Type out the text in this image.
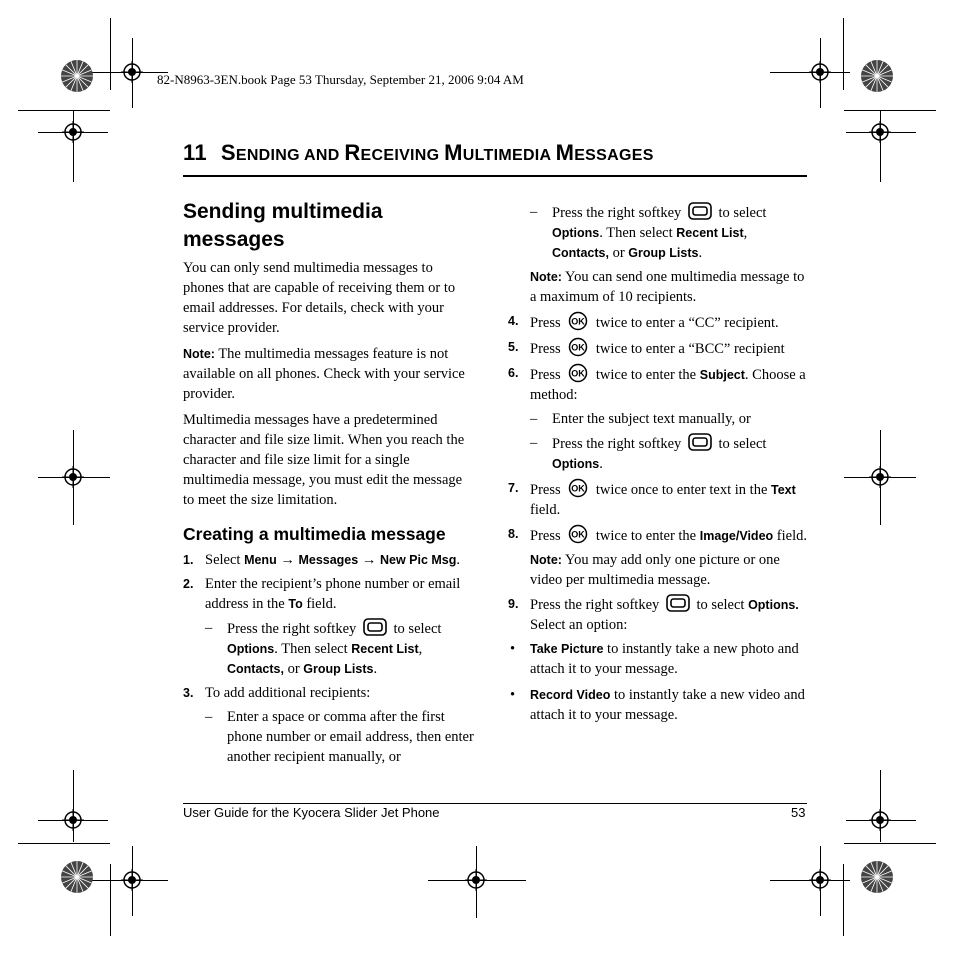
82-N8963-3EN.book Page 53 Thursday, September 21, 2006 9:04 AM
11 SENDING AND RECEIVING MULTIMEDIA MESSAGES
Sending multimedia messages

You can only send multimedia messages to phones that are capable of receiving them or to email addresses. For details, check with your service provider.

Note: The multimedia messages feature is not available on all phones. Check with your service provider.

Multimedia messages have a predetermined character and file size limit. When you reach the character and file size limit for a single multimedia message, you must edit the message to meet the size limitation.

Creating a multimedia message
1. Select Menu → Messages → New Pic Msg.
2. Enter the recipient’s phone number or email address in the To field.
– Press the right softkey	to select Options. Then select Recent List,
Contacts, or Group Lists.
3. To add additional recipients:
– Enter a space or comma after the first phone number or email address, then enter another recipient manually, or
– Press the right softkey	to select Options. Then select Recent List,
Contacts, or Group Lists.

Note: You can send one multimedia message to a maximum of 10 recipients.

4. Press OK twice to enter a “CC” recipient.
5. Press OK twice to enter a “BCC” recipient
6. Press OK twice to enter the Subject. Choose a method:
– Enter the subject text manually, or
– Press the right softkey	to select Options.
7. Press OK twice once to enter text in the Text field.
8. Press OK twice to enter the Image/Video field.

Note: You may add only one picture or one video per multimedia message.

9. Press the right softkey	to select Options. Select an option:
• Take Picture to instantly take a new photo and attach it to your message.
• Record Video to instantly take a new video and attach it to your message.
User Guide for the Kyocera Slider Jet Phone	53
